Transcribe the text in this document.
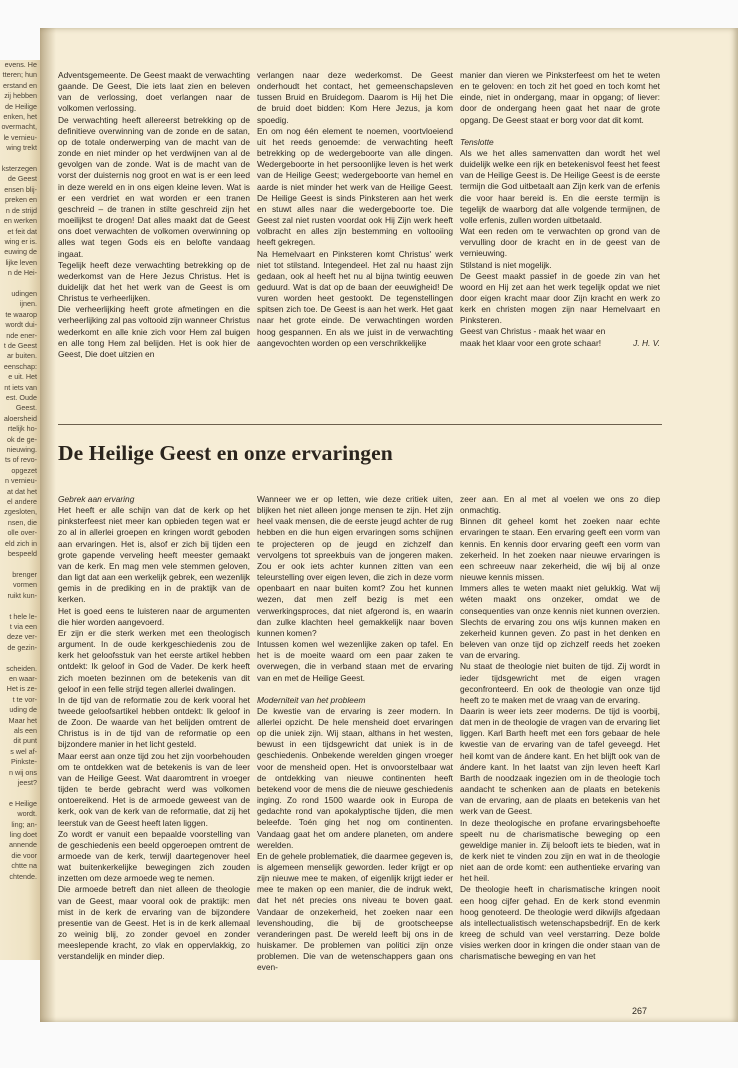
evens. He
tteren; hun
erstand en
zij hebben
de Heilige
enken, het
overmacht,
le vernieu-
wing trekt

ksterzegen
de Geest
ensen blij-
preken en
n de strijd
en werken
et feit dat
wing er is.
euwing de
lijke leven
n de Hei-

udingen
ijnen.
te waarop
wordt dui-
nde ener-
t de Geest
ar buiten.
eenschap:
e uit. Het
nt iets van
est. Oude
Geest.
aloersheid
rtelijk ho-
ok de ge-
nieuwing.
ts of revo-
opgezet
n vernieu-
at dat het
el andere
zgesloten,
nsen, die
olle over-
eld zich in
bespeeld

brenger
vormen
ruikt kun-

t hele le-
t via een
deze ver-
de gezin-

scheiden.
en waar-
Het is ze-
t te vor-
uding de
Maar het
als een
dit punt
s wel af-
Pinkste-
n wij ons
jeest?

e Heilige
wordt.
ling; an-
ling doet
annende
die voor
chtte na
chtende.

Adventsgemeente. De Geest maakt de verwachting gaande. De Geest, Die iets laat zien en beleven van de verlossing, doet verlangen naar de volkomen verlossing.

De verwachting heeft allereerst betrekking op de definitieve overwinning van de zonde en de satan, op de totale onderwerping van de macht van de zonde en niet minder op het verdwijnen van al de gevolgen van de zonde. Wat is de macht van de vorst der duisternis nog groot en wat is er een leed in deze wereld en in ons eigen kleine leven. Wat is er een verdriet en wat worden er een tranen geschreid – de tranen in stilte geschreid zijn het moeilijkst te drogen! Dat alles maakt dat de Geest ons doet verwachten de volkomen overwinning op alles wat tegen Gods eis en belofte vandaag ingaat.

Tegelijk heeft deze verwachting betrekking op de wederkomst van de Here Jezus Christus. Het is duidelijk dat het het werk van de Geest is om Christus te verheerlijken.

Die verheerlijking heeft grote afmetingen en die verheerlijking zal pas voltooid zijn wanneer Christus wederkomt en alle knie zich voor Hem zal buigen en alle tong Hem zal belijden. Het is ook hier de Geest, Die doet uitzien en

verlangen naar deze wederkomst. De Geest onderhoudt het contact, het gemeenschapsleven tussen Bruid en Bruidegom. Daarom is Hij het Die de bruid doet bidden: Kom Here Jezus, ja kom spoedig.

En om nog één element te noemen, voortvloeiend uit het reeds genoemde: de verwachting heeft betrekking op de wedergeboorte van alle dingen. Wedergeboorte in het persoonlijke leven is het werk van de Heilige Geest; wedergeboorte van hemel en aarde is niet minder het werk van de Heilige Geest. De Heilige Geest is sinds Pinksteren aan het werk en stuwt alles naar die wedergeboorte toe. Die Geest zal niet rusten voordat ook Hij Zijn werk heeft volbracht en alles zijn bestemming en voltooiing heeft gekregen.

Na Hemelvaart en Pinksteren komt Christus' werk niet tot stilstand. Integendeel. Het zal nu haast zijn gedaan, ook al heeft het nu al bijna twintig eeuwen geduurd. Wat is dat op de baan der eeuwigheid! De vuren worden heet gestookt. De tegenstellingen spitsen zich toe. De Geest is aan het werk. Het gaat naar het grote einde. De verwachtingen worden hoog gespannen. En als we juist in de verwachting aangevochten worden op een verschrikkelijke

manier dan vieren we Pinksterfeest om het te weten en te geloven: en toch zit het goed en toch komt het einde, niet in ondergang, maar in opgang; of liever: door de ondergang heen gaat het naar de grote opgang. De Geest staat er borg voor dat dit komt.

Tenslotte

Als we het alles samenvatten dan wordt het wel duidelijk welke een rijk en betekenisvol feest het feest van de Heilige Geest is. De Heilige Geest is de eerste termijn die God uitbetaalt aan Zijn kerk van de erfenis die voor haar bereid is. En die eerste termijn is tegelijk de waarborg dat alle volgende termijnen, de volle erfenis, zullen worden uitbetaald.

Wat een reden om te verwachten op grond van de vervulling door de kracht en in de geest van de vernieuwing.

Stilstand is niet mogelijk.

De Geest maakt passief in de goede zin van het woord en Hij zet aan het werk tegelijk opdat we niet door eigen kracht maar door Zijn kracht en werk zo kerk en christen mogen zijn naar Hemelvaart en Pinksteren.

Geest van Christus - maak het waar en maak het klaar voor een grote schaar!	J. H. V.
De Heilige Geest en onze ervaringen

Gebrek aan ervaring

Het heeft er alle schijn van dat de kerk op het pinksterfeest niet meer kan opbieden tegen wat er zo al in allerlei groepen en kringen wordt geboden aan ervaringen. Het is, alsof er zich bij tijden een grote gapende verveling heeft meester gemaakt van de kerk. En mag men vele stemmen geloven, dan ligt dat aan een werkelijk gebrek, een wezenlijk gemis in de prediking en in de praktijk van de kerken.

Het is goed eens te luisteren naar de argumenten die hier worden aangevoerd.

Er zijn er die sterk werken met een theologisch argument. In de oude kerkgeschiedenis zou de kerk het geloofsstuk van het eerste artikel hebben ontdekt: Ik geloof in God de Vader. De kerk heeft zich moeten bezinnen om de betekenis van dit geloof in een felle strijd tegen allerlei dwalingen.

In de tijd van de reformatie zou de kerk vooral het tweede geloofsartikel hebben ontdekt: Ik geloof in de Zoon. De waarde van het belijden omtrent de Christus is in de tijd van de reformatie op een bijzondere manier in het licht gesteld.

Maar eerst aan onze tijd zou het zijn voorbehouden om te ontdekken wat de betekenis is van de leer van de Heilige Geest. Wat daaromtrent in vroeger tijden te berde gebracht werd was volkomen ontoereikend. Het is de armoede geweest van de kerk, ook van de kerk van de reformatie, dat zij het leerstuk van de Geest heeft laten liggen.

Zo wordt er vanuit een bepaalde voorstelling van de geschiedenis een beeld opgeroepen omtrent de armoede van de kerk, terwijl daartegenover heel wat buitenkerkelijke bewegingen zich zouden inzetten om deze armoede weg te nemen.

Die armoede betreft dan niet alleen de theologie van de Geest, maar vooral ook de praktijk: men mist in de kerk de ervaring van de bijzondere presentie van de Geest. Het is in de kerk allemaal zo weinig blij, zo zonder gevoel en zonder meeslepende kracht, zo vlak en oppervlakkig, zo verstandelijk en minder diep.

Wanneer we er op letten, wie deze critiek uiten, blijken het niet alleen jonge mensen te zijn. Het zijn heel vaak mensen, die de eerste jeugd achter de rug hebben en die hun eigen ervaringen soms schijnen te projecteren op de jeugd en zichzelf dan vervolgens tot spreekbuis van de jongeren maken. Zou er ook iets achter kunnen zitten van een teleurstelling over eigen leven, die zich in deze vorm openbaart en naar buiten komt? Zou het kunnen wezen, dat men zelf bezig is met een verwerkingsproces, dat niet afgerond is, en waarin dan zulke klachten heel gemakkelijk naar boven kunnen komen?

Intussen komen wel wezenlijke zaken op tafel. En het is de moeite waard om een paar zaken te overwegen, die in verband staan met de ervaring van en met de Heilige Geest.

Moderniteit van het probleem

De kwestie van de ervaring is zeer modern. In allerlei opzicht. De hele mensheid doet ervaringen op die uniek zijn. Wij staan, althans in het westen, bewust in een tijdsgewricht dat uniek is in de geschiedenis. Onbekende werelden gingen vroeger voor de mensheid open. Het is onvoorstelbaar wat de ontdekking van nieuwe continenten heeft betekend voor de mens die de nieuwe geschiedenis inging. Zo rond 1500 waarde ook in Europa de gedachte rond van apokalyptische tijden, die men beleefde. Toén ging het nog om continenten. Vandaag gaat het om andere planeten, om andere werelden.

En de gehele problematiek, die daarmee gegeven is, is algemeen menselijk geworden. Ieder krijgt er op zijn nieuwe mee te maken, of eigenlijk krijgt ieder er mee te maken op een manier, die de indruk wekt, dat het nét precies ons niveau te boven gaat. Vandaar de onzekerheid, het zoeken naar een levenshouding, die bij de grootscheepse veranderingen past. De wereld leeft bij ons in de huiskamer. De problemen van politici zijn onze problemen. Die van de wetenschappers gaan ons even-

zeer aan. En al met al voelen we ons zo diep onmachtig.

Binnen dit geheel komt het zoeken naar echte ervaringen te staan. Een ervaring geeft een vorm van kennis. En kennis door ervaring geeft een vorm van zekerheid. In het zoeken naar nieuwe ervaringen is een schreeuw naar zekerheid, die wij bij al onze nieuwe kennis missen.

Immers alles te weten maakt niet gelukkig. Wat wij wéten maakt ons onzeker, omdat we de consequenties van onze kennis niet kunnen overzien. Slechts de ervaring zou ons wijs kunnen maken en zekerheid kunnen geven. Zo past in het denken en beleven van onze tijd op zichzelf reeds het zoeken van de ervaring.

Nu staat de theologie niet buiten de tijd. Zij wordt in ieder tijdsgewricht met de eigen vragen geconfronteerd. En ook de theologie van onze tijd heeft zo te maken met de vraag van de ervaring.

Daarin is weer iets zeer moderns. De tijd is voorbij, dat men in de theologie de vragen van de ervaring liet liggen. Karl Barth heeft met een fors gebaar de hele kwestie van de ervaring van de tafel geveegd. Het heil komt van de ándere kant. En het blijft ook van de ándere kant. In het laatst van zijn leven heeft Karl Barth de noodzaak ingezien om in de theologie toch aandacht te schenken aan de plaats en betekenis van de ervaring, aan de plaats en betekenis van het werk van de Geest.

In deze theologische en profane ervaringsbehoefte speelt nu de charismatische beweging op een geweldige manier in. Zij belooft iets te bieden, wat in de kerk niet te vinden zou zijn en wat in de theologie niet aan de orde komt: een authentieke ervaring van het heil.

De theologie heeft in charismatische kringen nooit een hoog cijfer gehad. En de kerk stond evenmin hoog genoteerd. De theologie werd dikwijls afgedaan als intellectualistisch wetenschapsbedrijf. En de kerk kreeg de schuld van veel verstarring. Deze bolde visies werken door in kringen die onder staan van de charismatische beweging en van het

267
